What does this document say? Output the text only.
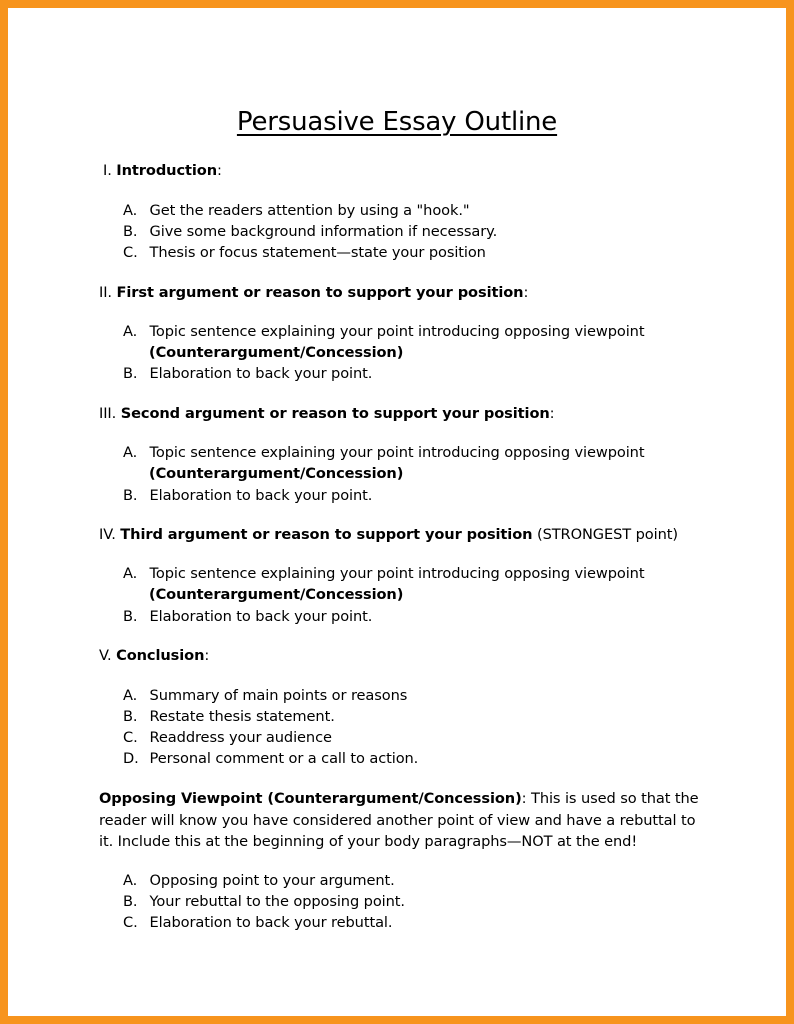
Persuasive Essay Outline
I. Introduction:
A. Get the readers attention by using a "hook."
B. Give some background information if necessary.
C. Thesis or focus statement—state your position
II. First argument or reason to support your position:
A. Topic sentence explaining your point introducing opposing viewpoint
(Counterargument/Concession)
B. Elaboration to back your point.
III. Second argument or reason to support your position:
A. Topic sentence explaining your point introducing opposing viewpoint
(Counterargument/Concession)
B. Elaboration to back your point.
IV. Third argument or reason to support your position (STRONGEST point)
A. Topic sentence explaining your point introducing opposing viewpoint
(Counterargument/Concession)
B. Elaboration to back your point.
V. Conclusion:
A. Summary of main points or reasons
B. Restate thesis statement.
C. Readdress your audience
D. Personal comment or a call to action.
Opposing Viewpoint (Counterargument/Concession): This is used so that the
reader will know you have considered another point of view and have a rebuttal to
it. Include this at the beginning of your body paragraphs—NOT at the end!
A. Opposing point to your argument.
B. Your rebuttal to the opposing point.
C. Elaboration to back your rebuttal.
